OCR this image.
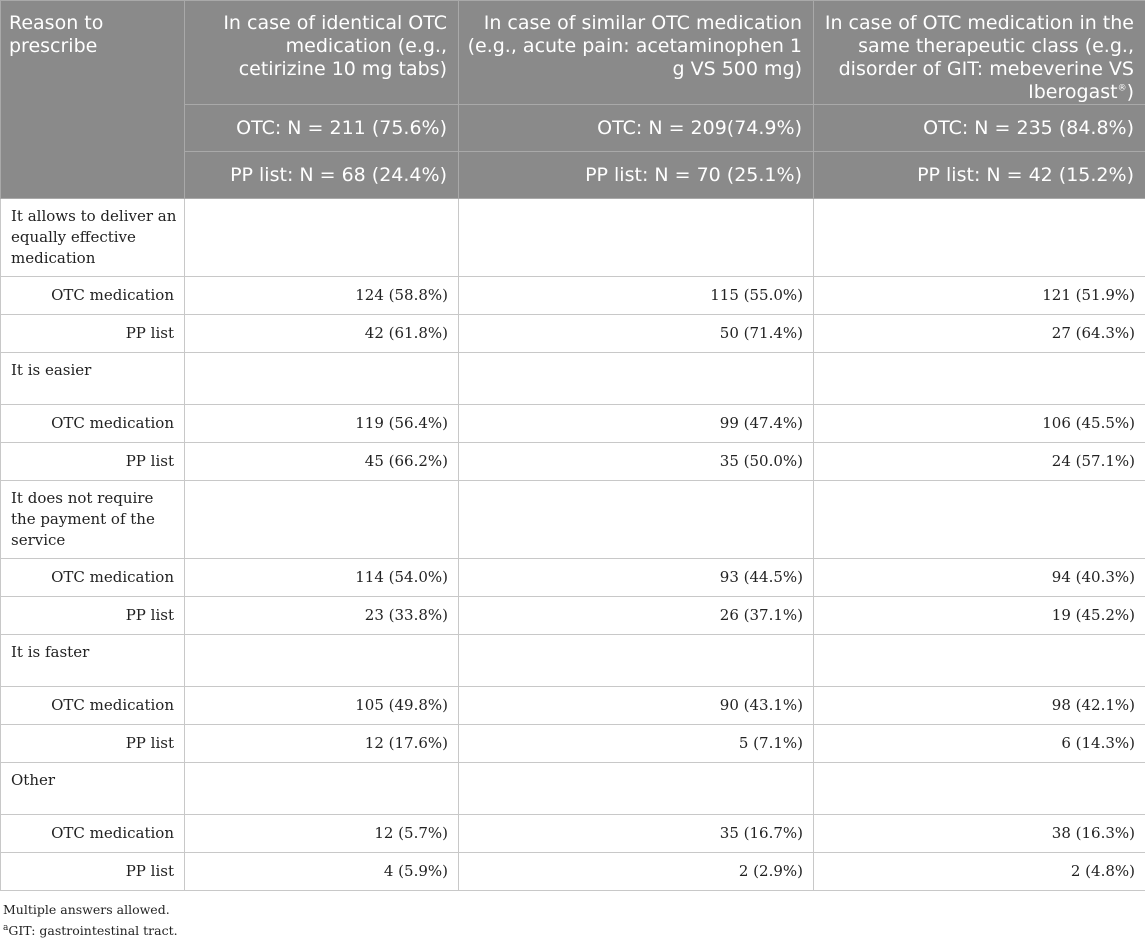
Reason to prescribe	In case of identical OTC medication (e.g., cetirizine 10 mg tabs)	In case of similar OTC medication (e.g., acute pain: acetaminophen 1 g VS 500 mg)	In case of OTC medication in the same therapeutic class (e.g., disorder of GIT: mebeverine VS Iberogast®)
	OTC: N = 211 (75.6%)	OTC: N = 209(74.9%)	OTC: N = 235 (84.8%)
	PP list: N = 68 (24.4%)	PP list: N = 70 (25.1%)	PP list: N = 42 (15.2%)
It allows to deliver an equally effective medication			
OTC medication	124 (58.8%)	115 (55.0%)	121 (51.9%)
PP list	42 (61.8%)	50 (71.4%)	27 (64.3%)
It is easier			
OTC medication	119 (56.4%)	99 (47.4%)	106 (45.5%)
PP list	45 (66.2%)	35 (50.0%)	24 (57.1%)
It does not require the payment of the service			
OTC medication	114 (54.0%)	93 (44.5%)	94 (40.3%)
PP list	23 (33.8%)	26 (37.1%)	19 (45.2%)
It is faster			
OTC medication	105 (49.8%)	90 (43.1%)	98 (42.1%)
PP list	12 (17.6%)	5 (7.1%)	6 (14.3%)
Other			
OTC medication	12 (5.7%)	35 (16.7%)	38 (16.3%)
PP list	4 (5.9%)	2 (2.9%)	2 (4.8%)
Multiple answers allowed.
$^a$GIT: gastrointestinal tract.
